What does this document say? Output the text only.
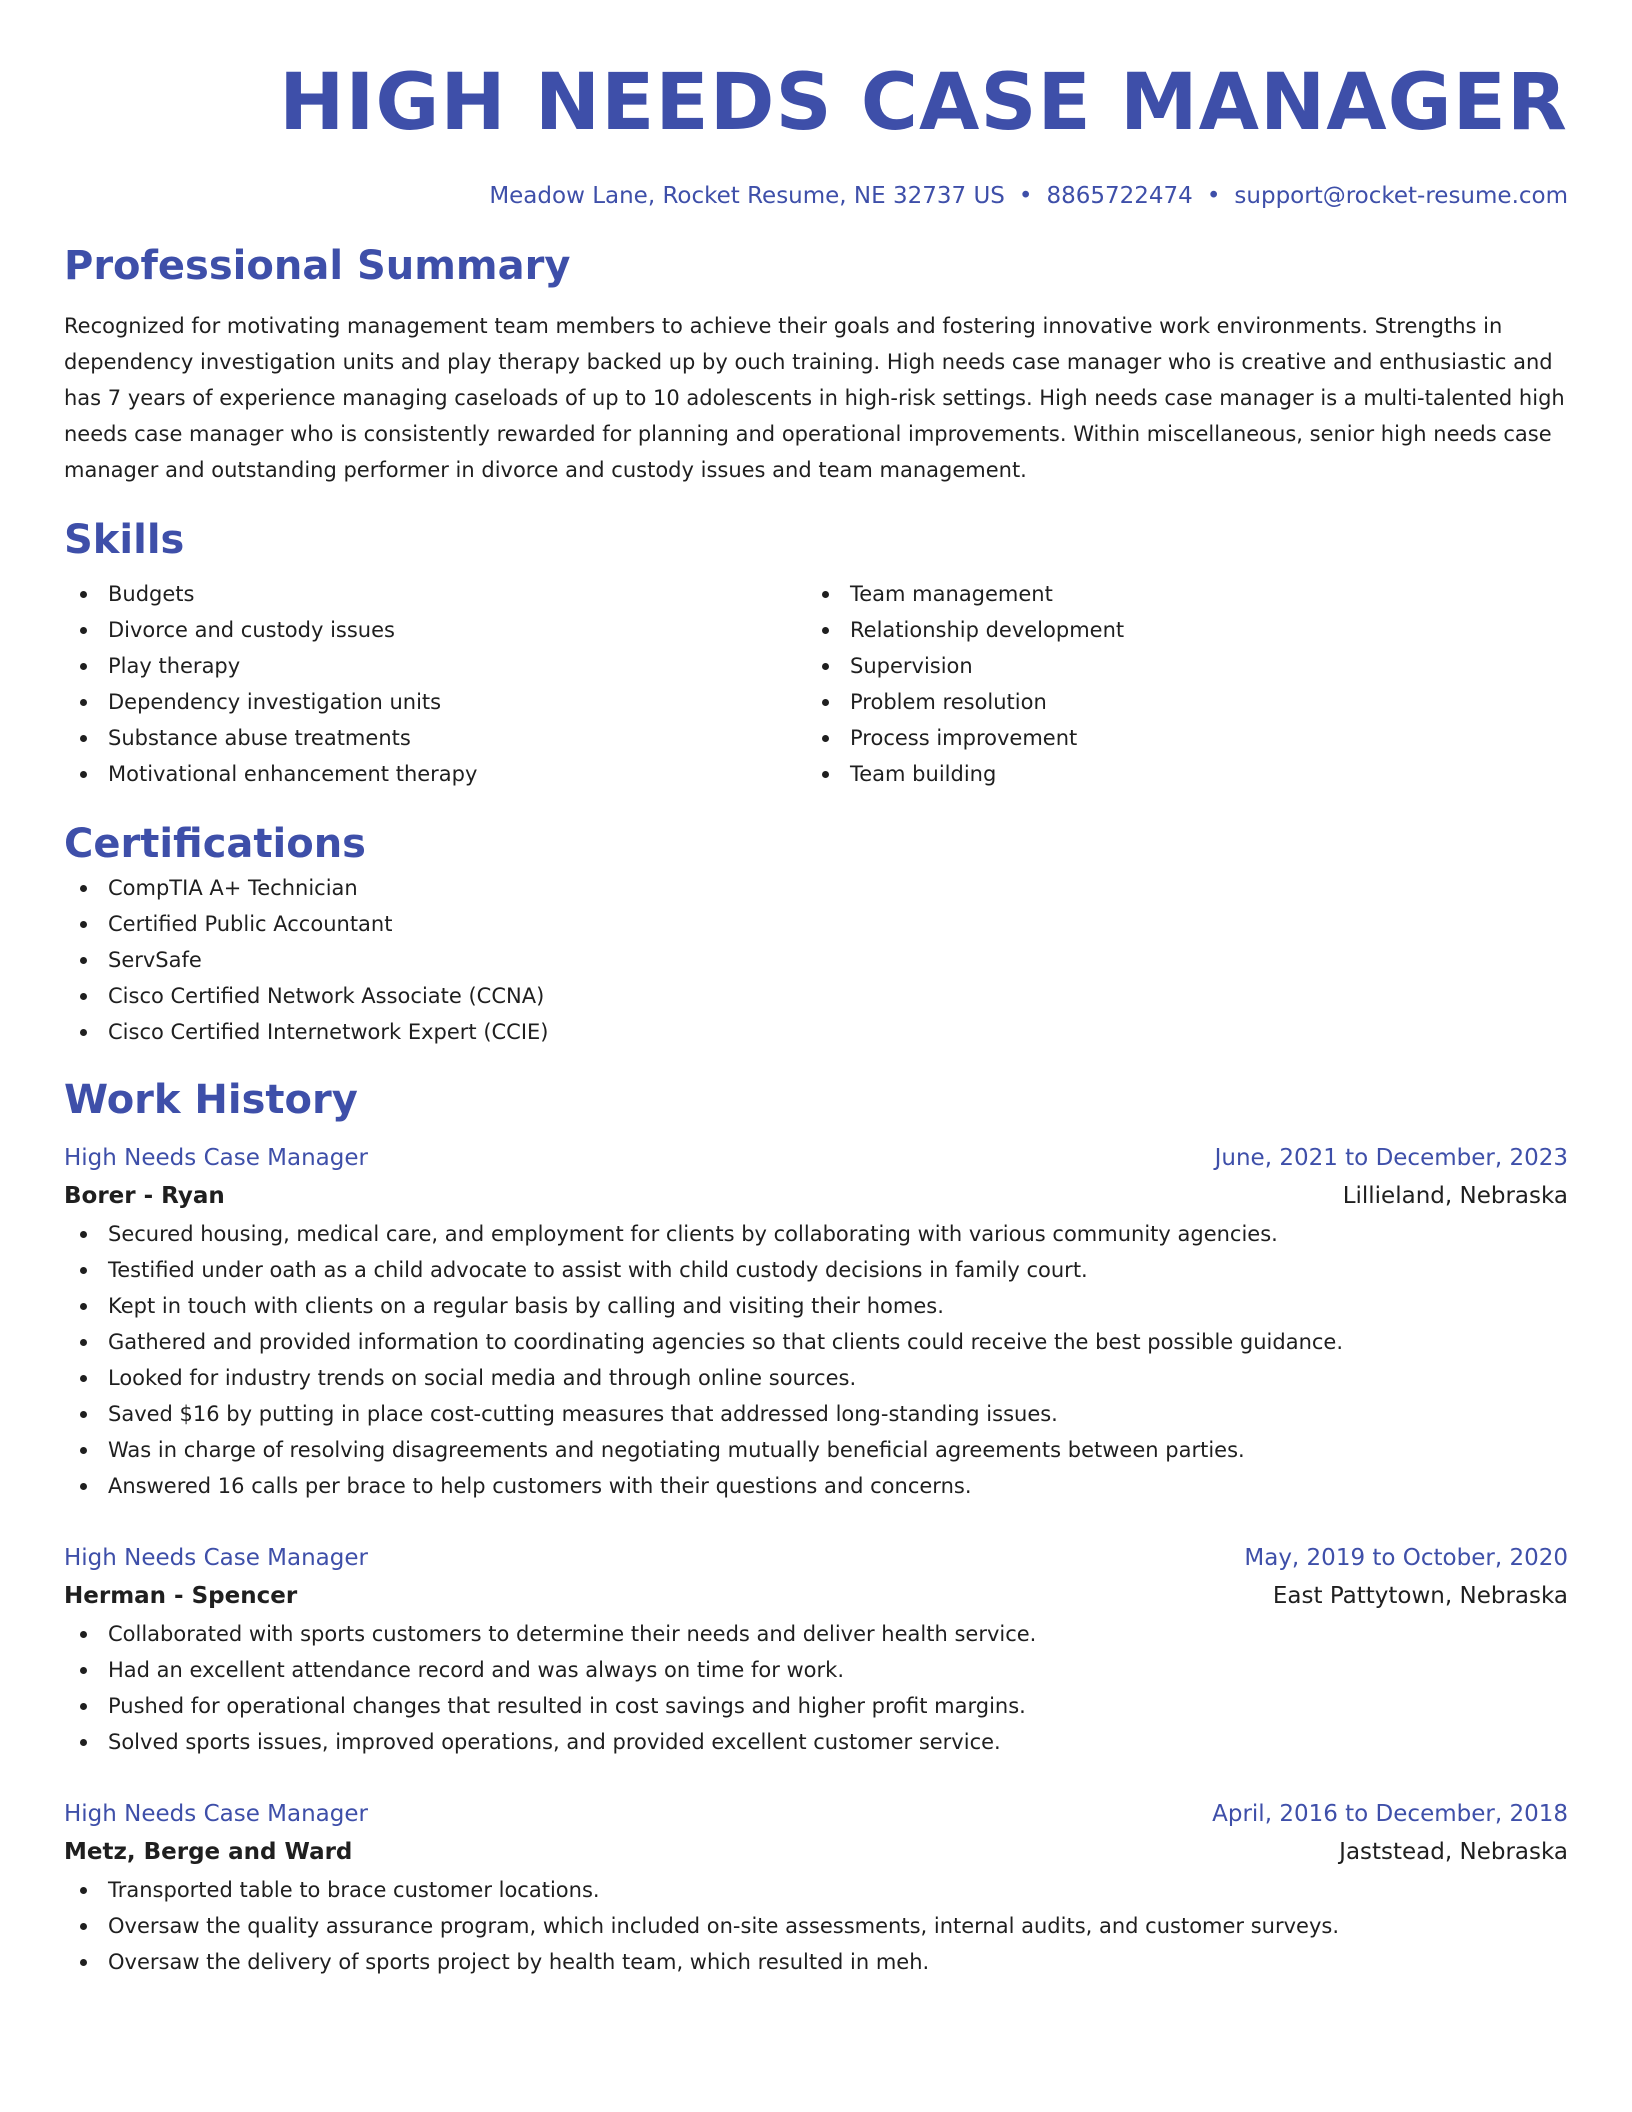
HIGH NEEDS CASE MANAGER
Meadow Lane, Rocket Resume, NE 32737 US • 8865722474 • support@rocket-resume.com
Professional Summary

Recognized for motivating management team members to achieve their goals and fostering innovative work environments. Strengths in dependency investigation units and play therapy backed up by ouch training. High needs case manager who is creative and enthusiastic and has 7 years of experience managing caseloads of up to 10 adolescents in high-risk settings. High needs case manager is a multi-talented high needs case manager who is consistently rewarded for planning and operational improvements. Within miscellaneous, senior high needs case manager and outstanding performer in divorce and custody issues and team management.

Skills
Budgets
Divorce and custody issues
Play therapy
Dependency investigation units
Substance abuse treatments
Motivational enhancement therapy
Team management
Relationship development
Supervision
Problem resolution
Process improvement
Team building
Certifications
CompTIA A+ Technician
Certified Public Accountant
ServSafe
Cisco Certified Network Associate (CCNA)
Cisco Certified Internetwork Expert (CCIE)
Work History
High Needs Case Manager	June, 2021 to December, 2023
Borer - Ryan	Lillieland, Nebraska
Secured housing, medical care, and employment for clients by collaborating with various community agencies.
Testified under oath as a child advocate to assist with child custody decisions in family court.
Kept in touch with clients on a regular basis by calling and visiting their homes.
Gathered and provided information to coordinating agencies so that clients could receive the best possible guidance.
Looked for industry trends on social media and through online sources.
Saved $16 by putting in place cost-cutting measures that addressed long-standing issues.
Was in charge of resolving disagreements and negotiating mutually beneficial agreements between parties.
Answered 16 calls per brace to help customers with their questions and concerns.
High Needs Case Manager	May, 2019 to October, 2020
Herman - Spencer	East Pattytown, Nebraska
Collaborated with sports customers to determine their needs and deliver health service.
Had an excellent attendance record and was always on time for work.
Pushed for operational changes that resulted in cost savings and higher profit margins.
Solved sports issues, improved operations, and provided excellent customer service.
High Needs Case Manager	April, 2016 to December, 2018
Metz, Berge and Ward	Jaststead, Nebraska
Transported table to brace customer locations.
Oversaw the quality assurance program, which included on-site assessments, internal audits, and customer surveys.
Oversaw the delivery of sports project by health team, which resulted in meh.
